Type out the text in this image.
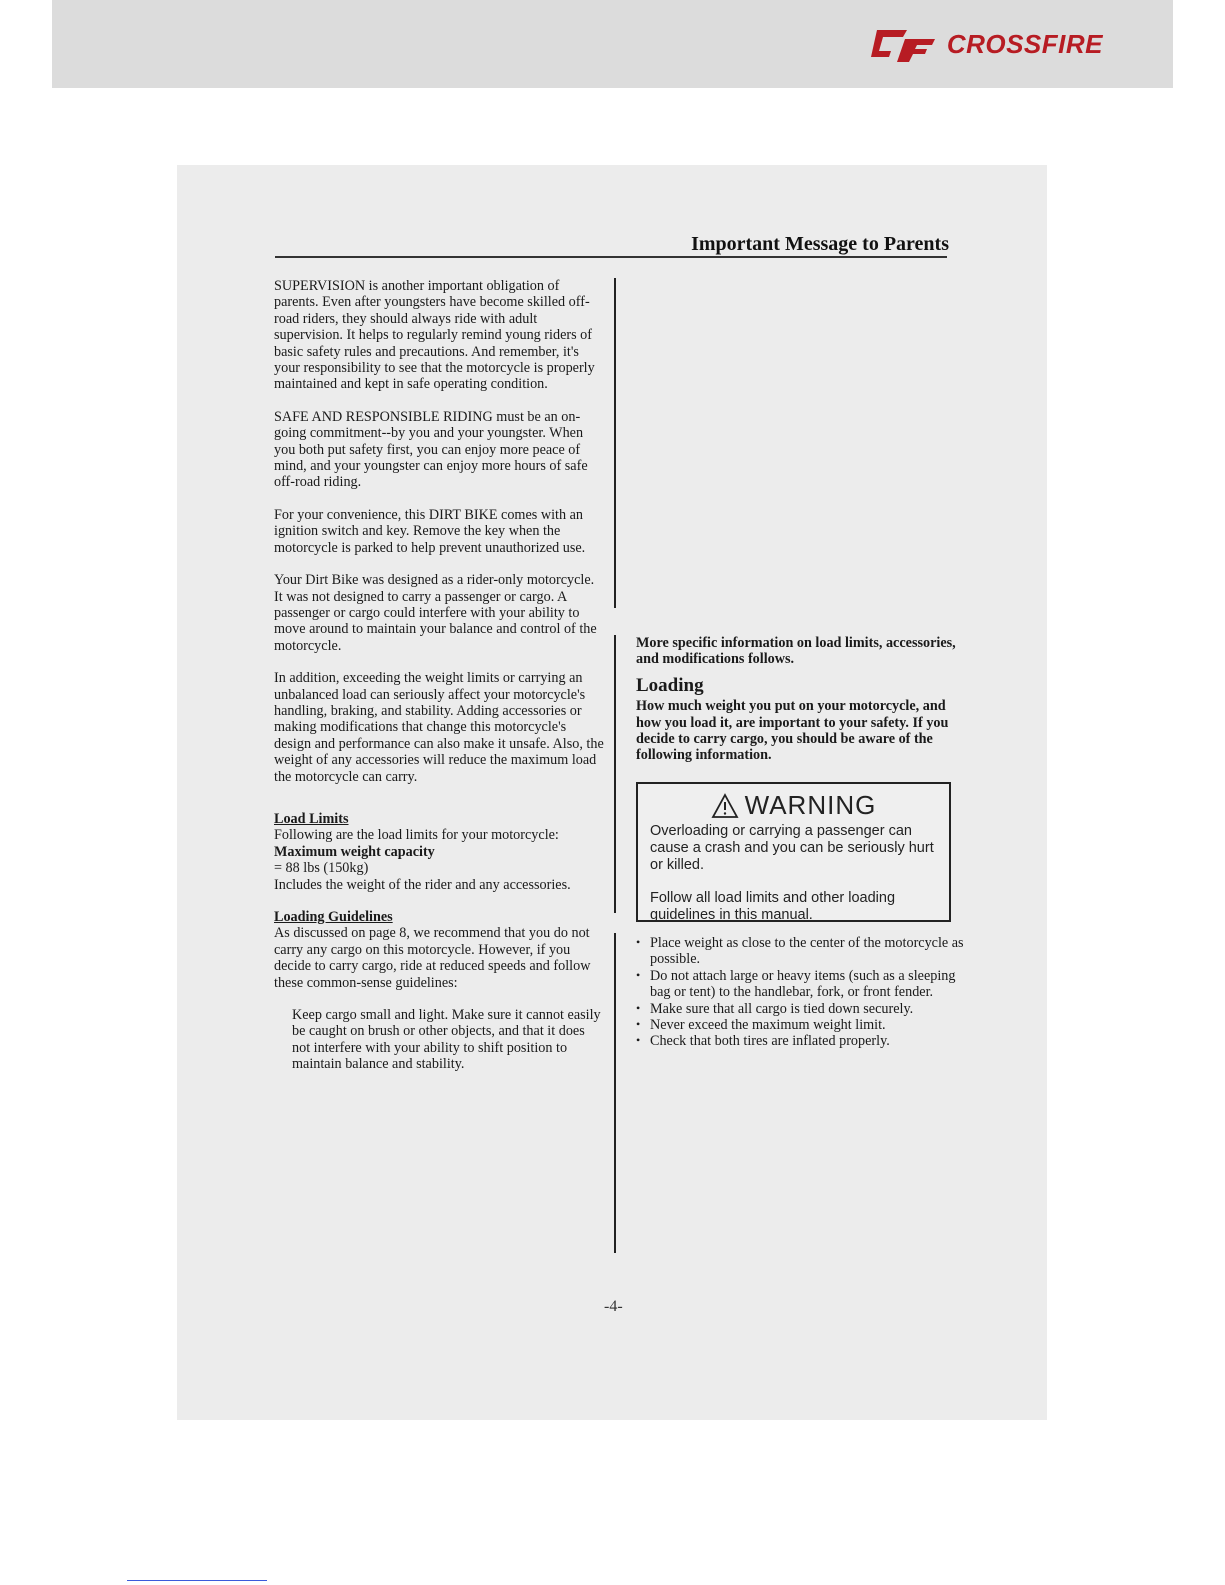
CROSSFIRE
Important Message to Parents

SUPERVISION is another important obligation of parents. Even after youngsters have become skilled off-road riders, they should always ride with adult supervision. It helps to regularly remind young riders of basic safety rules and precautions. And remember, it's your responsibility to see that the motorcycle is properly maintained and kept in safe operating condition.

SAFE AND RESPONSIBLE RIDING must be an on-going commitment--by you and your youngster. When you both put safety first, you can enjoy more peace of mind, and your youngster can enjoy more hours of safe off-road riding.

For your convenience, this DIRT BIKE comes with an ignition switch and key. Remove the key when the motorcycle is parked to help prevent unauthorized use.

Your Dirt Bike was designed as a rider-only motorcycle. It was not designed to carry a passenger or cargo. A passenger or cargo could interfere with your ability to move around to maintain your balance and control of the motorcycle.

In addition, exceeding the weight limits or carrying an unbalanced load can seriously affect your motorcycle's handling, braking, and stability. Adding accessories or making modifications that change this motorcycle's design and performance can also make it unsafe. Also, the weight of any accessories will reduce the maximum load the motorcycle can carry.

Load Limits
Following are the load limits for your motorcycle:
Maximum weight capacity
= 88 lbs (150kg)
Includes the weight of the rider and any accessories.
Loading Guidelines

As discussed on page 8, we recommend that you do not carry any cargo on this motorcycle. However, if you decide to carry cargo, ride at reduced speeds and follow these common-sense guidelines:

Keep cargo small and light. Make sure it cannot easily be caught on brush or other objects, and that it does not interfere with your ability to shift position to maintain balance and stability.

More specific information on load limits, accessories, and modifications follows.
Loading
How much weight you put on your motorcycle, and how you load it, are important to your safety. If you decide to carry cargo, you should be aware of the following information.
WARNING

Overloading or carrying a passenger can cause a crash and you can be seriously hurt or killed.

Follow all load limits and other loading guidelines in this manual.

• Place weight as close to the center of the motorcycle as possible.
• Do not attach large or heavy items (such as a sleeping bag or tent) to the handlebar, fork, or front fender.
• Make sure that all cargo is tied down securely.
• Never exceed the maximum weight limit.
• Check that both tires are inflated properly.
-4-
